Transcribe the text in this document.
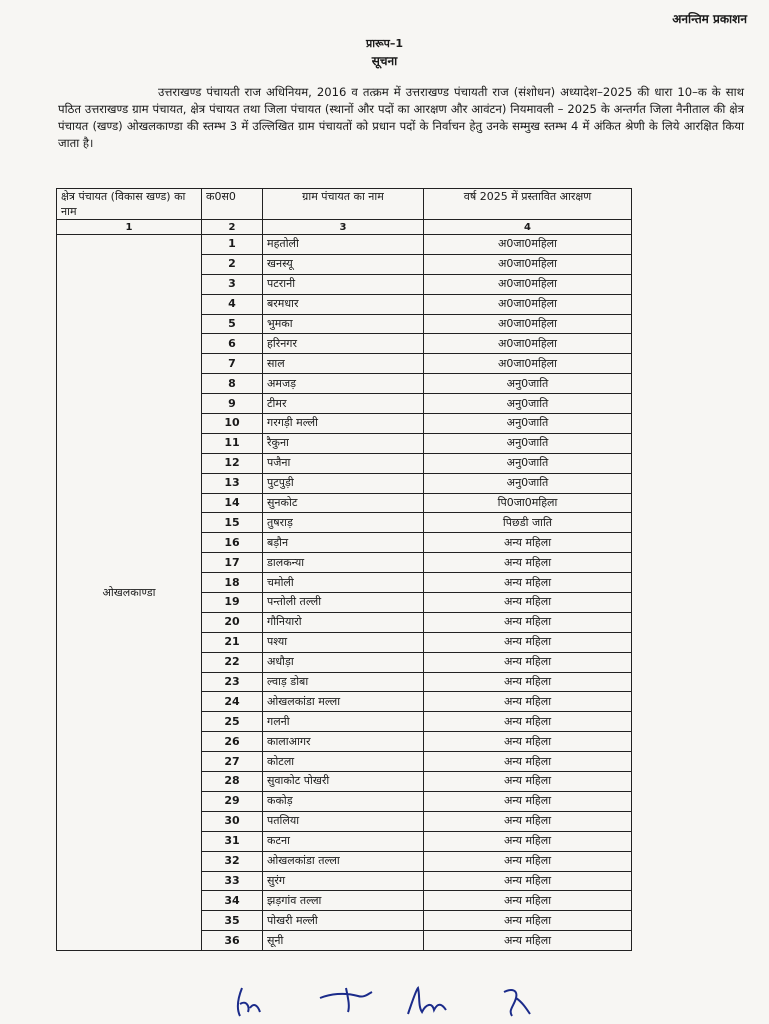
अनन्तिम प्रकाशन
प्रारूप–1
सूचना

उत्तराखण्ड पंचायती राज अधिनियम, 2016 व तत्क्रम में उत्तराखण्ड पंचायती राज (संशोधन) अध्यादेश–2025 की धारा 10–क के साथ पठित उत्तराखण्ड ग्राम पंचायत, क्षेत्र पंचायत तथा जिला पंचायत (स्थानों और पदों का आरक्षण और आवंटन) नियमावली – 2025 के अन्तर्गत जिला नैनीताल की क्षेत्र पंचायत (खण्ड) ओखलकाण्डा की स्तम्भ 3 में उल्लिखित ग्राम पंचायतों को प्रधान पदों के निर्वाचन हेतु उनके सम्मुख स्तम्भ 4 में अंकित श्रेणी के लिये आरक्षित किया जाता है।

क्षेत्र पंचायत (विकास खण्ड) का नाम	क0स0	ग्राम पंचायत का नाम	वर्ष 2025 में प्रस्तावित आरक्षण
1	2	3	4
ओखलकाण्डा	1	महतोली	अ0जा0महिला
	2	खनस्यू	अ0जा0महिला
	3	पटरानी	अ0जा0महिला
	4	बरमधार	अ0जा0महिला
	5	भुमका	अ0जा0महिला
	6	हरिनगर	अ0जा0महिला
	7	साल	अ0जा0महिला
	8	अमजड़	अनु0जाति
	9	टीमर	अनु0जाति
	10	गरगड़ी मल्ली	अनु0जाति
	11	रैकुना	अनु0जाति
	12	पजैना	अनु0जाति
	13	पुटपुड़ी	अनु0जाति
	14	सुनकोट	पि0जा0महिला
	15	तुषराड़	पिछडी जाति
	16	बड़ौन	अन्य महिला
	17	डालकन्या	अन्य महिला
	18	चमोली	अन्य महिला
	19	पन्तोली तल्ली	अन्य महिला
	20	गौनियारो	अन्य महिला
	21	पश्या	अन्य महिला
	22	अधौड़ा	अन्य महिला
	23	ल्वाड़ डोबा	अन्य महिला
	24	ओखलकांडा मल्ला	अन्य महिला
	25	गलनी	अन्य महिला
	26	कालाआगर	अन्य महिला
	27	कोटला	अन्य महिला
	28	सुवाकोट पोखरी	अन्य महिला
	29	ककोड़	अन्य महिला
	30	पतलिया	अन्य महिला
	31	कटना	अन्य महिला
	32	ओखलकांडा तल्ला	अन्य महिला
	33	सुरंग	अन्य महिला
	34	झड़गांव तल्ला	अन्य महिला
	35	पोखरी मल्ली	अन्य महिला
	36	सूनी	अन्य महिला
